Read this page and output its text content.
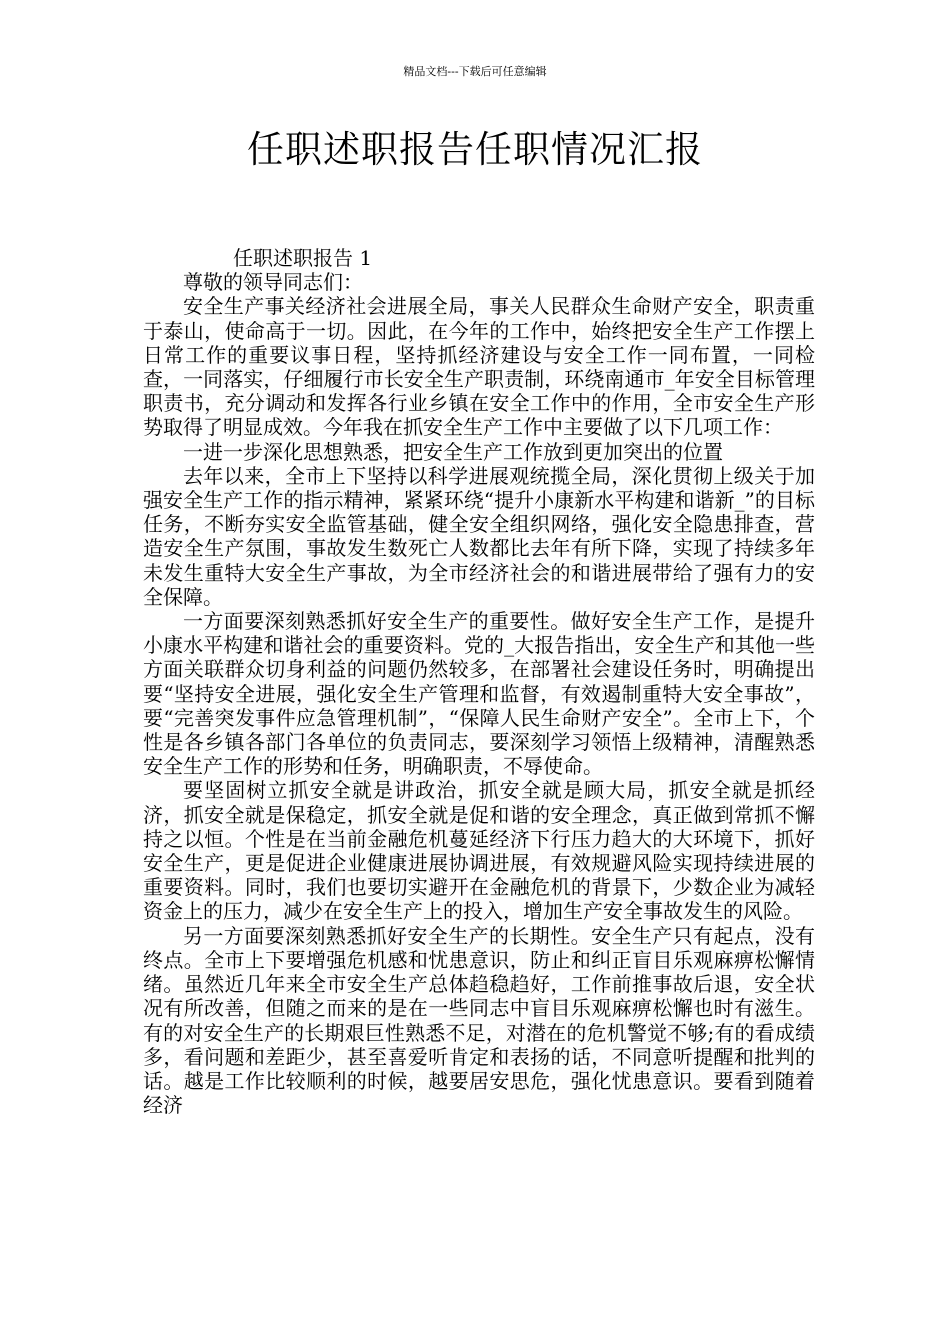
精品文档---下载后可任意编辑
任职述职报告任职情况汇报

任职述职报告 1

尊敬的领导同志们：

安全生产事关经济社会进展全局，事关人民群众生命财产安全，职责重于泰山，使命高于一切。因此，在今年的工作中，始终把安全生产工作摆上日常工作的重要议事日程，坚持抓经济建设与安全工作一同布置，一同检查，一同落实，仔细履行市长安全生产职责制，环绕南通市_年安全目标管理职责书，充分调动和发挥各行业乡镇在安全工作中的作用，全市安全生产形势取得了明显成效。今年我在抓安全生产工作中主要做了以下几项工作：

一进一步深化思想熟悉，把安全生产工作放到更加突出的位置

去年以来，全市上下坚持以科学进展观统揽全局，深化贯彻上级关于加强安全生产工作的指示精神，紧紧环绕“提升小康新水平构建和谐新_”的目标任务，不断夯实安全监管基础，健全安全组织网络，强化安全隐患排查，营造安全生产氛围，事故发生数死亡人数都比去年有所下降，实现了持续多年未发生重特大安全生产事故，为全市经济社会的和谐进展带给了强有力的安全保障。

一方面要深刻熟悉抓好安全生产的重要性。做好安全生产工作，是提升小康水平构建和谐社会的重要资料。党的_大报告指出，安全生产和其他一些方面关联群众切身利益的问题仍然较多，在部署社会建设任务时，明确提出要“坚持安全进展，强化安全生产管理和监督，有效遏制重特大安全事故”，要“完善突发事件应急管理机制”，“保障人民生命财产安全”。全市上下，个性是各乡镇各部门各单位的负责同志，要深刻学习领悟上级精神，清醒熟悉安全生产工作的形势和任务，明确职责，不辱使命。

要坚固树立抓安全就是讲政治，抓安全就是顾大局，抓安全就是抓经济，抓安全就是保稳定，抓安全就是促和谐的安全理念，真正做到常抓不懈持之以恒。个性是在当前金融危机蔓延经济下行压力趋大的大环境下，抓好安全生产，更是促进企业健康进展协调进展，有效规避风险实现持续进展的重要资料。同时，我们也要切实避开在金融危机的背景下，少数企业为减轻资金上的压力，减少在安全生产上的投入，增加生产安全事故发生的风险。

另一方面要深刻熟悉抓好安全生产的长期性。安全生产只有起点，没有终点。全市上下要增强危机感和忧患意识，防止和纠正盲目乐观麻痹松懈情绪。虽然近几年来全市安全生产总体趋稳趋好，工作前推事故后退，安全状况有所改善，但随之而来的是在一些同志中盲目乐观麻痹松懈也时有滋生。有的对安全生产的长期艰巨性熟悉不足，对潜在的危机警觉不够;有的看成绩多，看问题和差距少，甚至喜爱听肯定和表扬的话，不同意听提醒和批判的话。越是工作比较顺利的时候，越要居安思危，强化忧患意识。要看到随着经济
